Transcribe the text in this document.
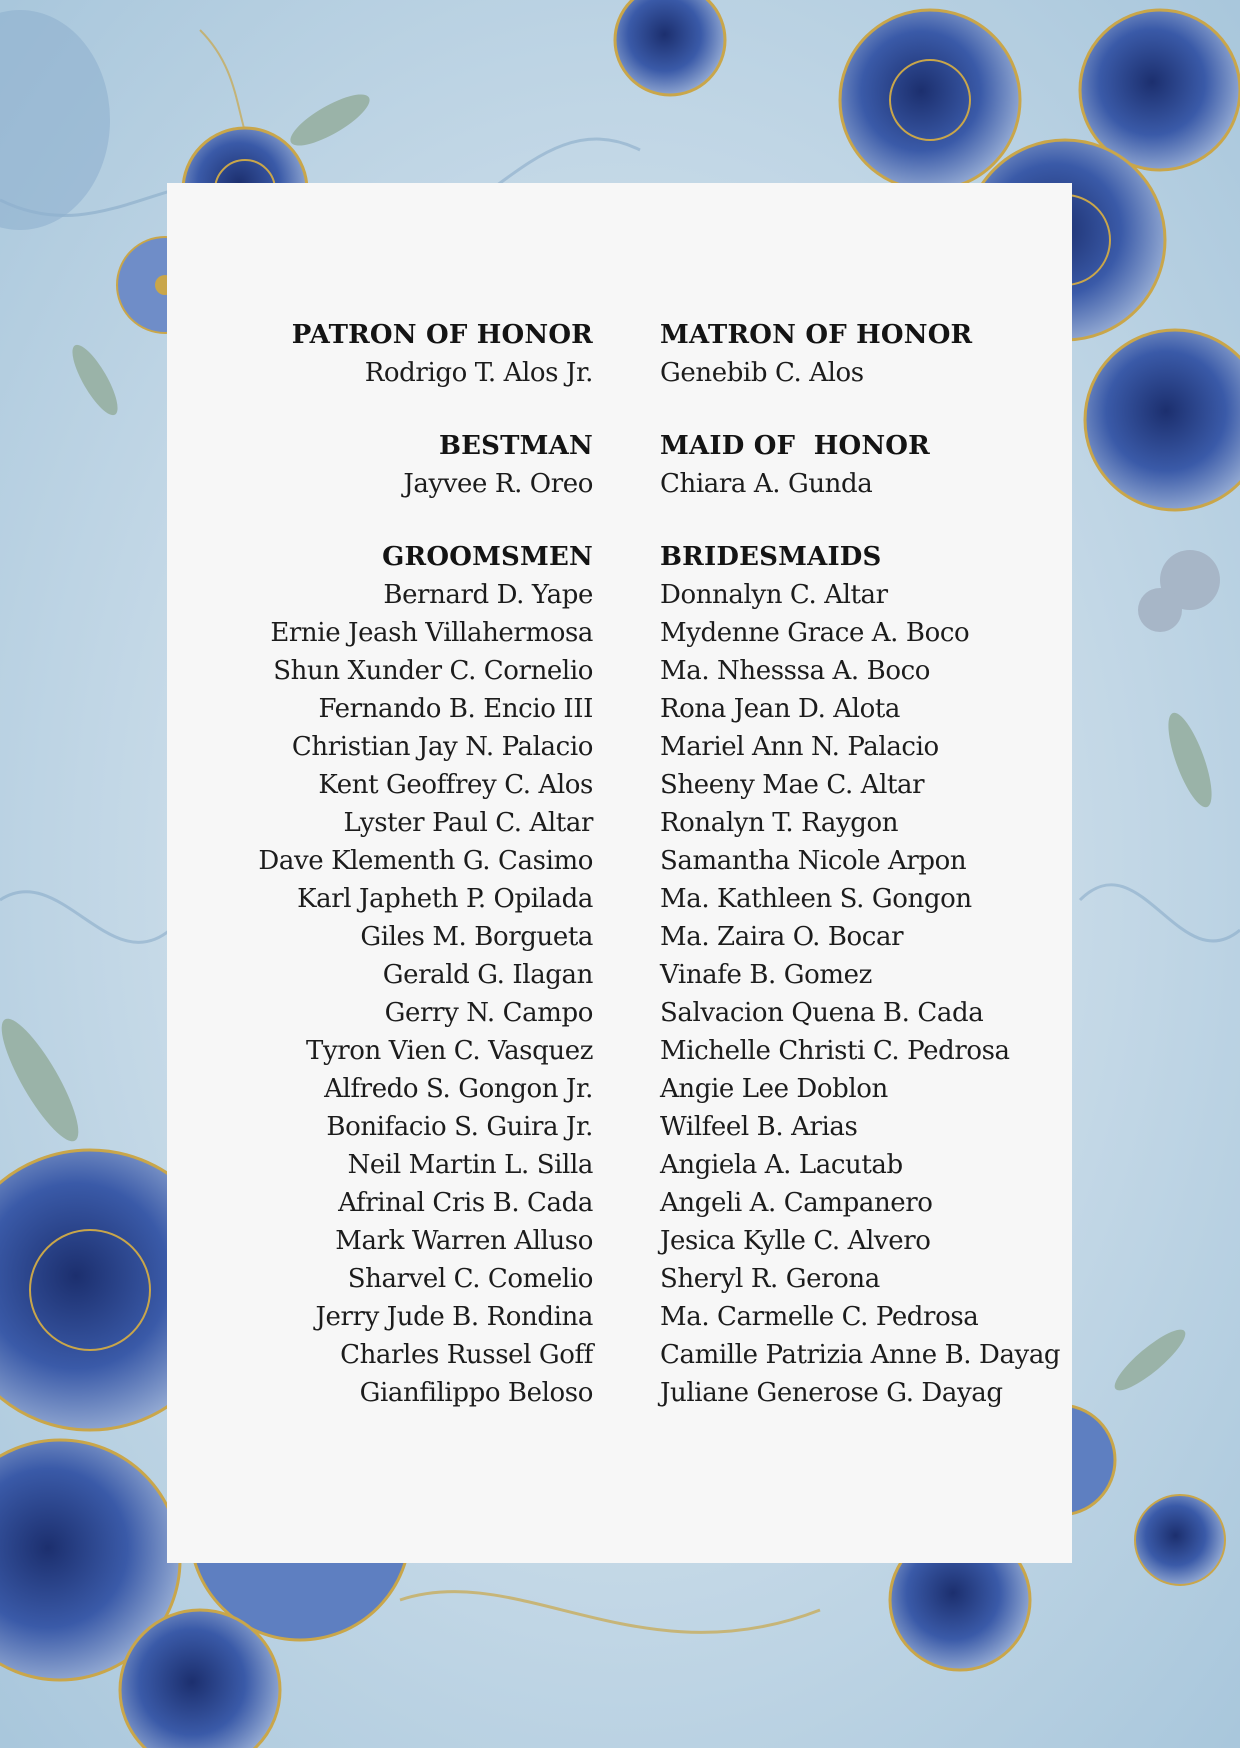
PATRON OF HONOR
Rodrigo T. Alos Jr.
BESTMAN
Jayvee R. Oreo
GROOMSMEN
Bernard D. Yape
Ernie Jeash Villahermosa
Shun Xunder C. Cornelio
Fernando B. Encio III
Christian Jay N. Palacio
Kent Geoffrey C. Alos
Lyster Paul C. Altar
Dave Klementh G. Casimo
Karl Japheth P. Opilada
Giles M. Borgueta
Gerald G. Ilagan
Gerry N. Campo
Tyron Vien C. Vasquez
Alfredo S. Gongon Jr.
Bonifacio S. Guira Jr.
Neil Martin L. Silla
Afrinal Cris B. Cada
Mark Warren Alluso
Sharvel C. Comelio
Jerry Jude B. Rondina
Charles Russel Goff
Gianfilippo Beloso
MATRON OF HONOR
Genebib C. Alos
MAID OF  HONOR
Chiara A. Gunda
BRIDESMAIDS
Donnalyn C. Altar
Mydenne Grace A. Boco
Ma. Nhesssa A. Boco
Rona Jean D. Alota
Mariel Ann N. Palacio
Sheeny Mae C. Altar
Ronalyn T. Raygon
Samantha Nicole Arpon
Ma. Kathleen S. Gongon
Ma. Zaira O. Bocar
Vinafe B. Gomez
Salvacion Quena B. Cada
Michelle Christi C. Pedrosa
Angie Lee Doblon
Wilfeel B. Arias
Angiela A. Lacutab
Angeli A. Campanero
Jesica Kylle C. Alvero
Sheryl R. Gerona
Ma. Carmelle C. Pedrosa
Camille Patrizia Anne B. Dayag
Juliane Generose G. Dayag
